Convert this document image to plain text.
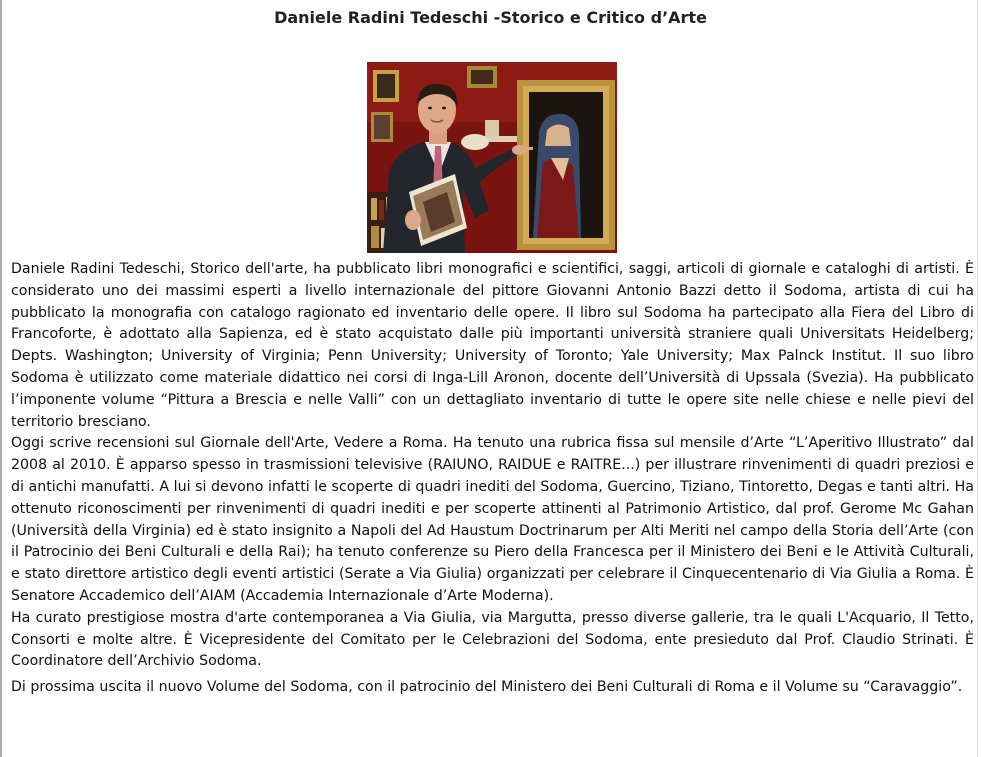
Daniele Radini Tedeschi -Storico e Critico d’Arte

Daniele Radini Tedeschi, Storico dell'arte, ha pubblicato libri monografici e scientifici, saggi, articoli di giornale e cataloghi di artisti. È considerato uno dei massimi esperti a livello internazionale del pittore Giovanni Antonio Bazzi detto il Sodoma, artista di cui ha pubblicato la monografia con catalogo ragionato ed inventario delle opere. Il libro sul Sodoma ha partecipato alla Fiera del Libro di Francoforte, è adottato alla Sapienza, ed è stato acquistato dalle più importanti università straniere quali Universitats Heidelberg; Depts. Washington; University of Virginia; Penn University; University of Toronto; Yale University; Max Palnck Institut. Il suo libro Sodoma è utilizzato come materiale didattico nei corsi di Inga-Lill Aronon, docente dell’Università di Upssala (Svezia). Ha pubblicato l’imponente volume “Pittura a Brescia e nelle Valli” con un dettagliato inventario di tutte le opere site nelle chiese e nelle pievi del territorio bresciano.

Oggi scrive recensioni sul Giornale dell'Arte, Vedere a Roma. Ha tenuto una rubrica fissa sul mensile d’Arte “L’Aperitivo Illustrato” dal 2008 al 2010. È apparso spesso in trasmissioni televisive (RAIUNO, RAIDUE e RAITRE...) per illustrare rinvenimenti di quadri preziosi e di antichi manufatti. A lui si devono infatti le scoperte di quadri inediti del Sodoma, Guercino, Tiziano, Tintoretto, Degas e tanti altri. Ha ottenuto riconoscimenti per rinvenimenti di quadri inediti e per scoperte attinenti al Patrimonio Artistico, dal prof. Gerome Mc Gahan (Università della Virginia) ed è stato insignito a Napoli del Ad Haustum Doctrinarum per Alti Meriti nel campo della Storia dell’Arte (con il Patrocinio dei Beni Culturali e della Rai); ha tenuto conferenze su Piero della Francesca per il Ministero dei Beni e le Attività Culturali, e stato direttore artistico degli eventi artistici (Serate a Via Giulia) organizzati per celebrare il Cinquecentenario di Via Giulia a Roma. È Senatore Accademico dell’AIAM (Accademia Internazionale d’Arte Moderna).

Ha curato prestigiose mostra d'arte contemporanea a Via Giulia, via Margutta, presso diverse gallerie, tra le quali L'Acquario, Il Tetto, Consorti e molte altre. È Vicepresidente del Comitato per le Celebrazioni del Sodoma, ente presieduto dal Prof. Claudio Strinati. È Coordinatore dell’Archivio Sodoma.

Di prossima uscita il nuovo Volume del Sodoma, con il patrocinio del Ministero dei Beni Culturali di Roma e il Volume su “Caravaggio”.
